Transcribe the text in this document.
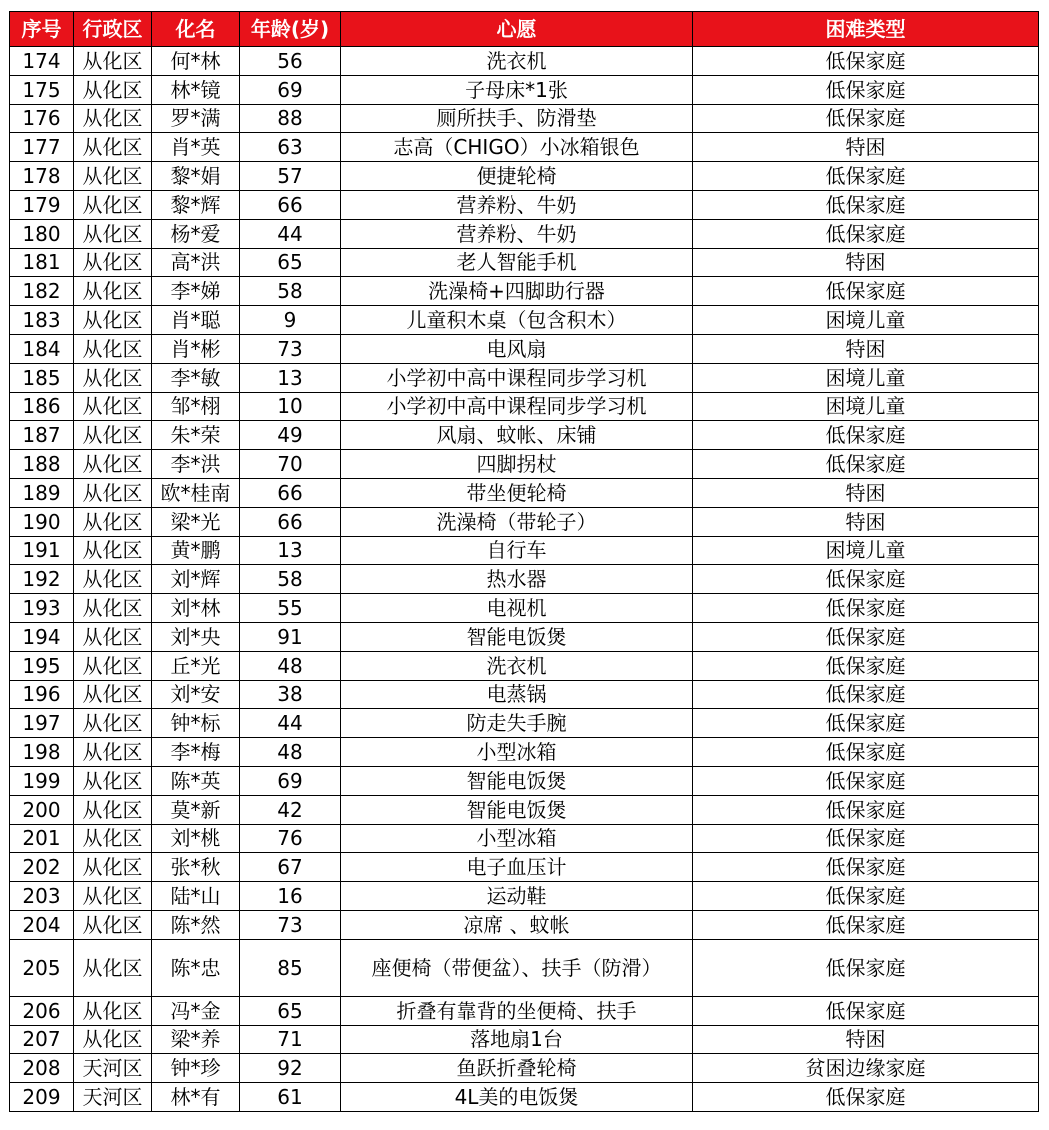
序号	行政区	化名	年龄(岁)	心愿	困难类型
174	从化区	何*林	56	洗衣机	低保家庭
175	从化区	林*镜	69	子母床*1张	低保家庭
176	从化区	罗*满	88	厕所扶手、防滑垫	低保家庭
177	从化区	肖*英	63	志高（CHIGO）小冰箱银色	特困
178	从化区	黎*娟	57	便捷轮椅	低保家庭
179	从化区	黎*辉	66	营养粉、牛奶	低保家庭
180	从化区	杨*爱	44	营养粉、牛奶	低保家庭
181	从化区	高*洪	65	老人智能手机	特困
182	从化区	李*娣	58	洗澡椅+四脚助行器	低保家庭
183	从化区	肖*聪	9	儿童积木桌（包含积木）	困境儿童
184	从化区	肖*彬	73	电风扇	特困
185	从化区	李*敏	13	小学初中高中课程同步学习机	困境儿童
186	从化区	邹*栩	10	小学初中高中课程同步学习机	困境儿童
187	从化区	朱*荣	49	风扇、蚊帐、床铺	低保家庭
188	从化区	李*洪	70	四脚拐杖	低保家庭
189	从化区	欧*桂南	66	带坐便轮椅	特困
190	从化区	梁*光	66	洗澡椅（带轮子）	特困
191	从化区	黄*鹏	13	自行车	困境儿童
192	从化区	刘*辉	58	热水器	低保家庭
193	从化区	刘*林	55	电视机	低保家庭
194	从化区	刘*央	91	智能电饭煲	低保家庭
195	从化区	丘*光	48	洗衣机	低保家庭
196	从化区	刘*安	38	电蒸锅	低保家庭
197	从化区	钟*标	44	防走失手腕	低保家庭
198	从化区	李*梅	48	小型冰箱	低保家庭
199	从化区	陈*英	69	智能电饭煲	低保家庭
200	从化区	莫*新	42	智能电饭煲	低保家庭
201	从化区	刘*桃	76	小型冰箱	低保家庭
202	从化区	张*秋	67	电子血压计	低保家庭
203	从化区	陆*山	16	运动鞋	低保家庭
204	从化区	陈*然	73	凉席 、蚊帐	低保家庭
205	从化区	陈*忠	85	座便椅（带便盆）、扶手（防滑）	低保家庭
206	从化区	冯*金	65	折叠有靠背的坐便椅、扶手	低保家庭
207	从化区	梁*养	71	落地扇1台	特困
208	天河区	钟*珍	92	鱼跃折叠轮椅	贫困边缘家庭
209	天河区	林*有	61	4L美的电饭煲	低保家庭
